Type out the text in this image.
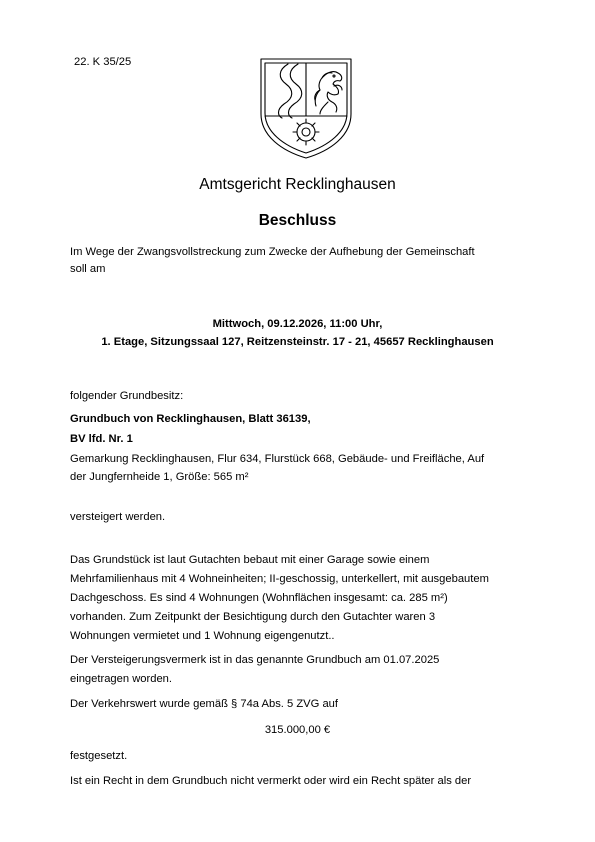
22. K 35/25
Amtsgericht Recklinghausen
Beschluss
Im Wege der Zwangsvollstreckung zum Zwecke der Aufhebung der Gemeinschaft
soll am
Mittwoch, 09.12.2026, 11:00 Uhr,
1. Etage, Sitzungssaal 127, Reitzensteinstr. 17 - 21, 45657 Recklinghausen
folgender Grundbesitz:
Grundbuch von Recklinghausen, Blatt 36139,
BV lfd. Nr. 1
Gemarkung Recklinghausen, Flur 634, Flurstück 668, Gebäude- und Freifläche, Auf
der Jungfernheide 1, Größe: 565 m²
versteigert werden.
Das Grundstück ist laut Gutachten bebaut mit einer Garage sowie einem
Mehrfamilienhaus mit 4 Wohneinheiten; II-geschossig, unterkellert, mit ausgebautem
Dachgeschoss. Es sind 4 Wohnungen (Wohnflächen insgesamt: ca. 285 m²)
vorhanden. Zum Zeitpunkt der Besichtigung durch den Gutachter waren 3
Wohnungen vermietet und 1 Wohnung eigengenutzt..
Der Versteigerungsvermerk ist in das genannte Grundbuch am 01.07.2025
eingetragen worden.
Der Verkehrswert wurde gemäß § 74a Abs. 5 ZVG auf
315.000,00 €
festgesetzt.
Ist ein Recht in dem Grundbuch nicht vermerkt oder wird ein Recht später als der
